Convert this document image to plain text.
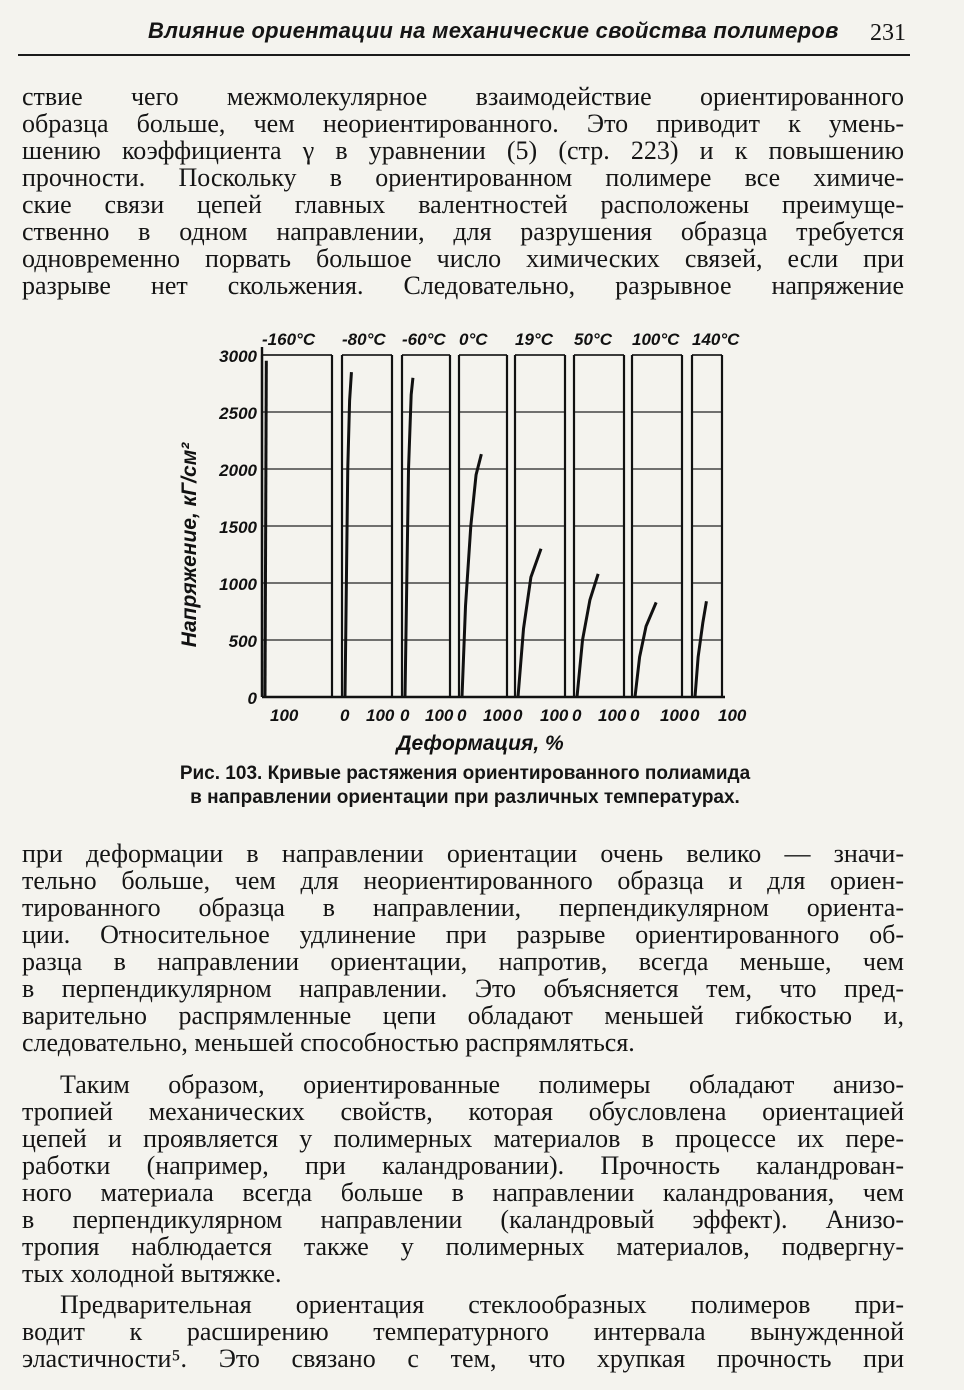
Влияние ориентации на механические свойства полимеров 231
ствие чего межмолекулярное взаимодействие ориентированного
образца больше, чем неориентированного. Это приводит к умень-
шению коэффициента γ в уравнении (5) (стр. 223) и к повышению
прочности. Поскольку в ориентированном полимере все химиче-
ские связи цепей главных валентностей расположены преимуще-
ственно в одном направлении, для разрушения образца требуется
одновременно порвать большое число химических связей, если при
разрыве нет скольжения. Следовательно, разрывное напряжение
0
500
1000
1500
2000
2500
3000
-160°C -80°C -60°C 0°C 19°C 50°C 100°C 140°C
100 0 100 0 100 0 100 0 100 0 100 0 100 0 100
Деформация, %
Напряжение, кГ/см²
Рис. 103. Кривые растяжения ориентированного полиамида
в направлении ориентации при различных температурах.
при деформации в направлении ориентации очень велико — значи-
тельно больше, чем для неориентированного образца и для ориен-
тированного образца в направлении, перпендикулярном ориента-
ции. Относительное удлинение при разрыве ориентированного об-
разца в направлении ориентации, напротив, всегда меньше, чем
в перпендикулярном направлении. Это объясняется тем, что пред-
варительно распрямленные цепи обладают меньшей гибкостью и,
следовательно, меньшей способностью распрямляться.
Таким образом, ориентированные полимеры обладают анизо-
тропией механических свойств, которая обусловлена ориентацией
цепей и проявляется у полимерных материалов в процессе их пере-
работки (например, при каландровании). Прочность каландрован-
ного материала всегда больше в направлении каландрования, чем
в перпендикулярном направлении (каландровый эффект). Анизо-
тропия наблюдается также у полимерных материалов, подвергну-
тых холодной вытяжке.
Предварительная ориентация стеклообразных полимеров при-
водит к расширению температурного интервала вынужденной
эластичности⁵. Это связано с тем, что хрупкая прочность при
